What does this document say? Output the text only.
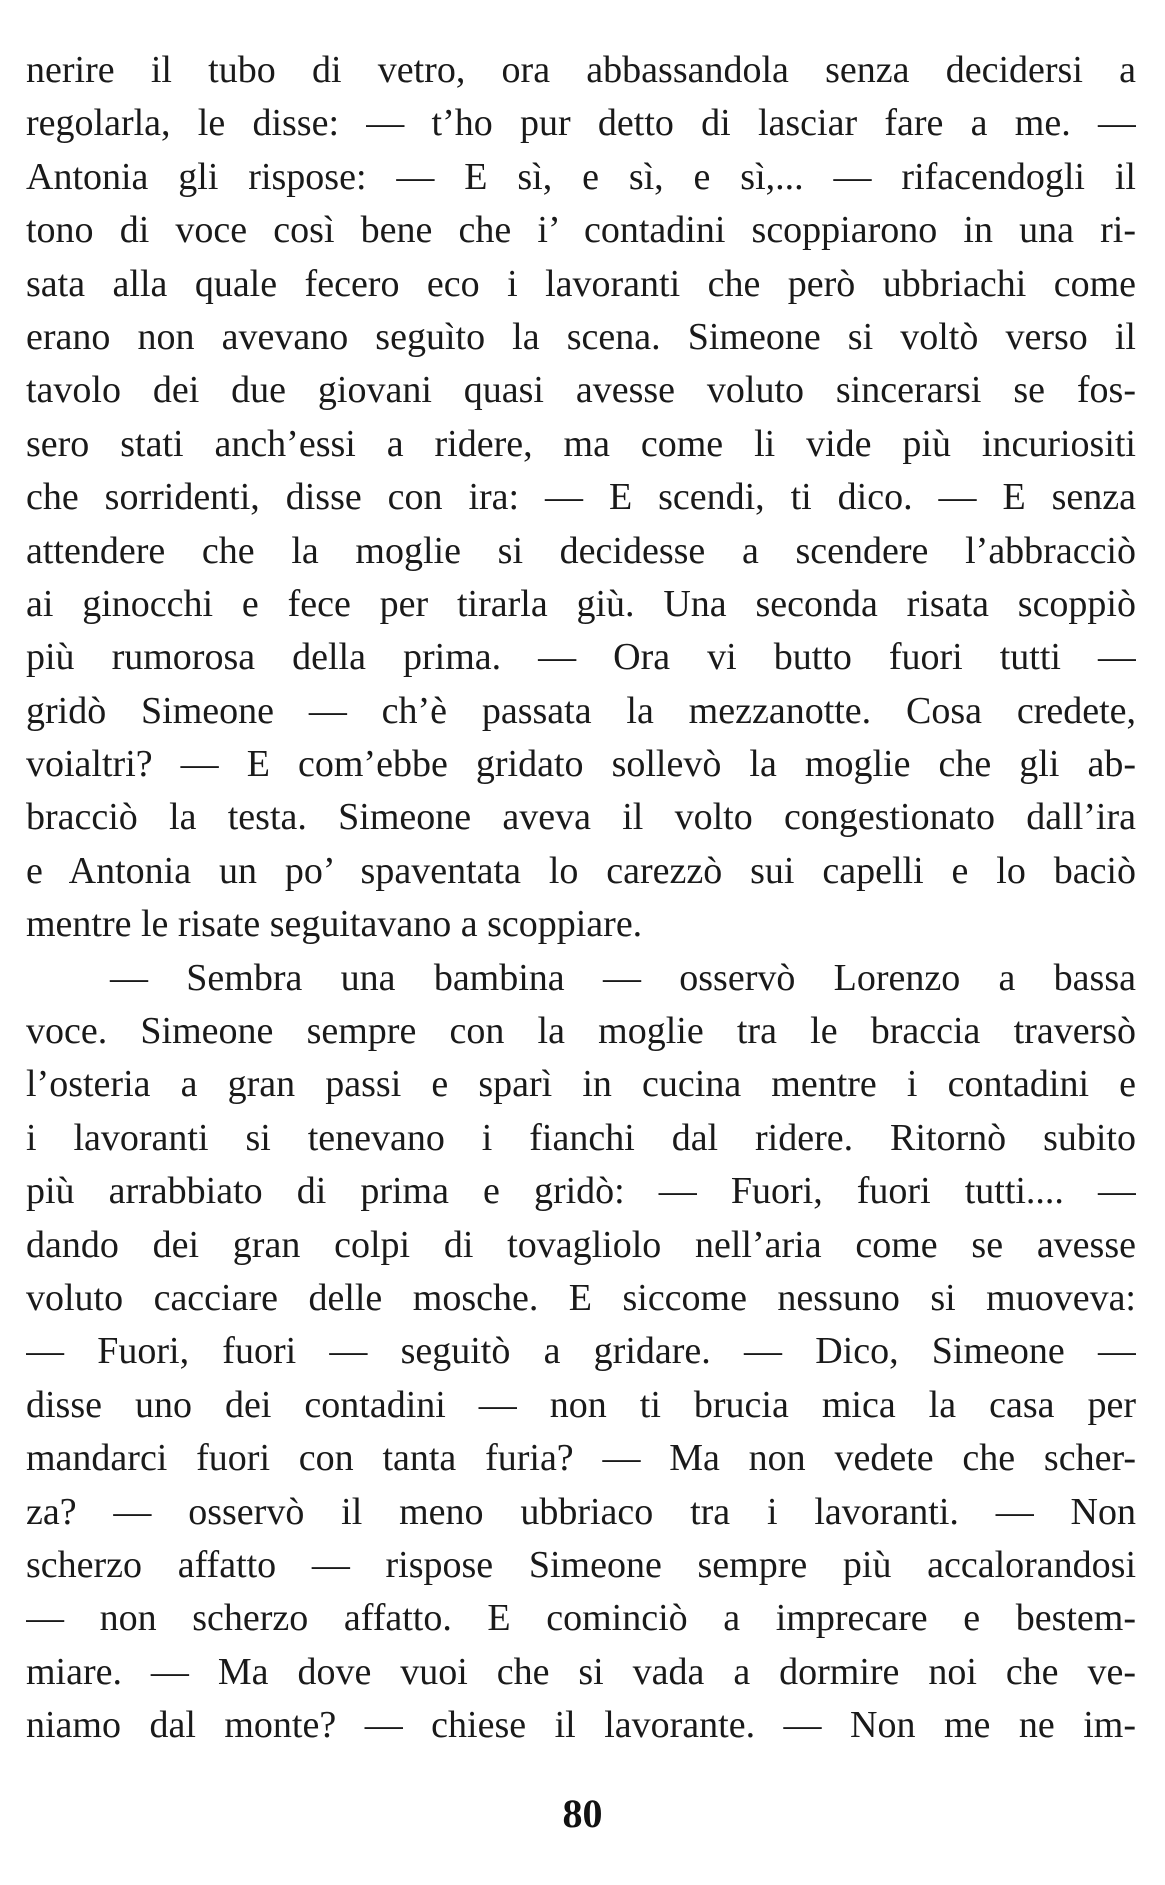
nerire il tubo di vetro, ora abbassandola senza decidersi a
regolarla, le disse: — t’ho pur detto di lasciar fare a me. —
Antonia gli rispose: — E sì, e sì, e sì,... — rifacendogli il
tono di voce così bene che i’ contadini scoppiarono in una ri-
sata alla quale fecero eco i lavoranti che però ubbriachi come
erano non avevano seguìto la scena. Simeone si voltò verso il
tavolo dei due giovani quasi avesse voluto sincerarsi se fos-
sero stati anch’essi a ridere, ma come li vide più incuriositi
che sorridenti, disse con ira: — E scendi, ti dico. — E senza
attendere che la moglie si decidesse a scendere l’abbracciò
ai ginocchi e fece per tirarla giù. Una seconda risata scoppiò
più rumorosa della prima. — Ora vi butto fuori tutti —
gridò Simeone — ch’è passata la mezzanotte. Cosa credete,
voialtri? — E com’ebbe gridato sollevò la moglie che gli ab-
bracciò la testa. Simeone aveva il volto congestionato dall’ira
e Antonia un po’ spaventata lo carezzò sui capelli e lo baciò
mentre le risate seguitavano a scoppiare.
— Sembra una bambina — osservò Lorenzo a bassa
voce. Simeone sempre con la moglie tra le braccia traversò
l’osteria a gran passi e sparì in cucina mentre i contadini e
i lavoranti si tenevano i fianchi dal ridere. Ritornò subito
più arrabbiato di prima e gridò: — Fuori, fuori tutti.... —
dando dei gran colpi di tovagliolo nell’aria come se avesse
voluto cacciare delle mosche. E siccome nessuno si muoveva:
— Fuori, fuori — seguitò a gridare. — Dico, Simeone —
disse uno dei contadini — non ti brucia mica la casa per
mandarci fuori con tanta furia? — Ma non vedete che scher-
za? — osservò il meno ubbriaco tra i lavoranti. — Non
scherzo affatto — rispose Simeone sempre più accalorandosi
— non scherzo affatto. E cominciò a imprecare e bestem-
miare. — Ma dove vuoi che si vada a dormire noi che ve-
niamo dal monte? — chiese il lavorante. — Non me ne im-
80
